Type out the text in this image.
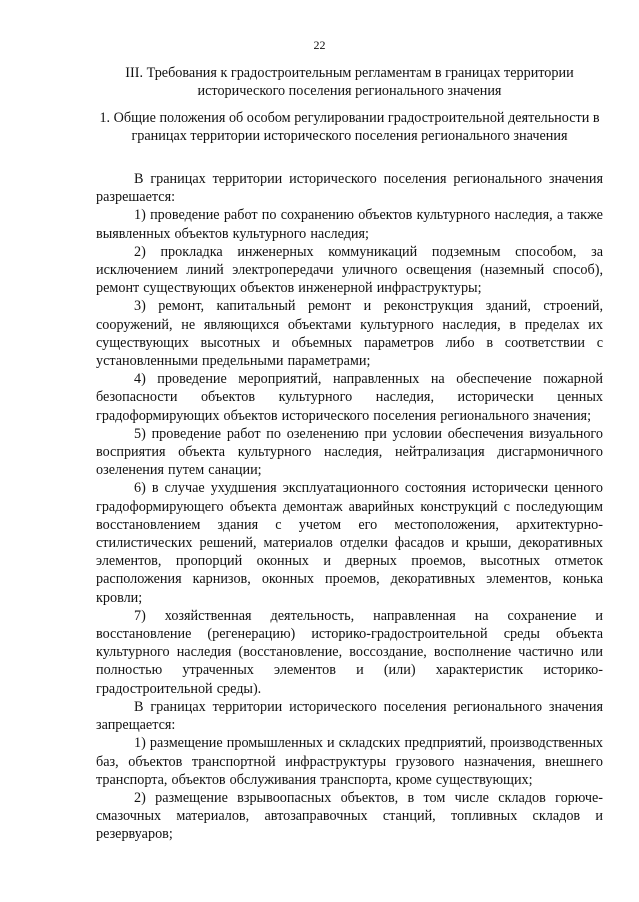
22
III. Требования к градостроительным регламентам в границах территории исторического поселения регионального значения
1. Общие положения об особом регулировании градостроительной деятельности в границах территории исторического поселения регионального значения

В границах территории исторического поселения регионального значения разрешается:

1) проведение работ по сохранению объектов культурного наследия, а также выявленных объектов культурного наследия;

2) прокладка инженерных коммуникаций подземным способом, за исключением линий электропередачи уличного освещения (наземный способ), ремонт существующих объектов инженерной инфраструктуры;

3) ремонт, капитальный ремонт и реконструкция зданий, строений, сооружений, не являющихся объектами культурного наследия, в пределах их существующих высотных и объемных параметров либо в соответствии с установленными предельными параметрами;

4) проведение мероприятий, направленных на обеспечение пожарной безопасности объектов культурного наследия, исторически ценных градоформирующих объектов исторического поселения регионального значения;

5) проведение работ по озеленению при условии обеспечения визуального восприятия объекта культурного наследия, нейтрализация дисгармоничного озеленения путем санации;

6) в случае ухудшения эксплуатационного состояния исторически ценного градоформирующего объекта демонтаж аварийных конструкций с последующим восстановлением здания с учетом его местоположения, архитектурно-стилистических решений, материалов отделки фасадов и крыши, декоративных элементов, пропорций оконных и дверных проемов, высотных отметок расположения карнизов, оконных проемов, декоративных элементов, конька кровли;

7) хозяйственная деятельность, направленная на сохранение и восстановление (регенерацию) историко-градостроительной среды объекта культурного наследия (восстановление, воссоздание, восполнение частично или полностью утраченных элементов и (или) характеристик историко-градостроительной среды).

В границах территории исторического поселения регионального значения запрещается:

1) размещение промышленных и складских предприятий, производственных баз, объектов транспортной инфраструктуры грузового назначения, внешнего транспорта, объектов обслуживания транспорта, кроме существующих;

2) размещение взрывоопасных объектов, в том числе складов горюче-смазочных материалов, автозаправочных станций, топливных складов и резервуаров;
